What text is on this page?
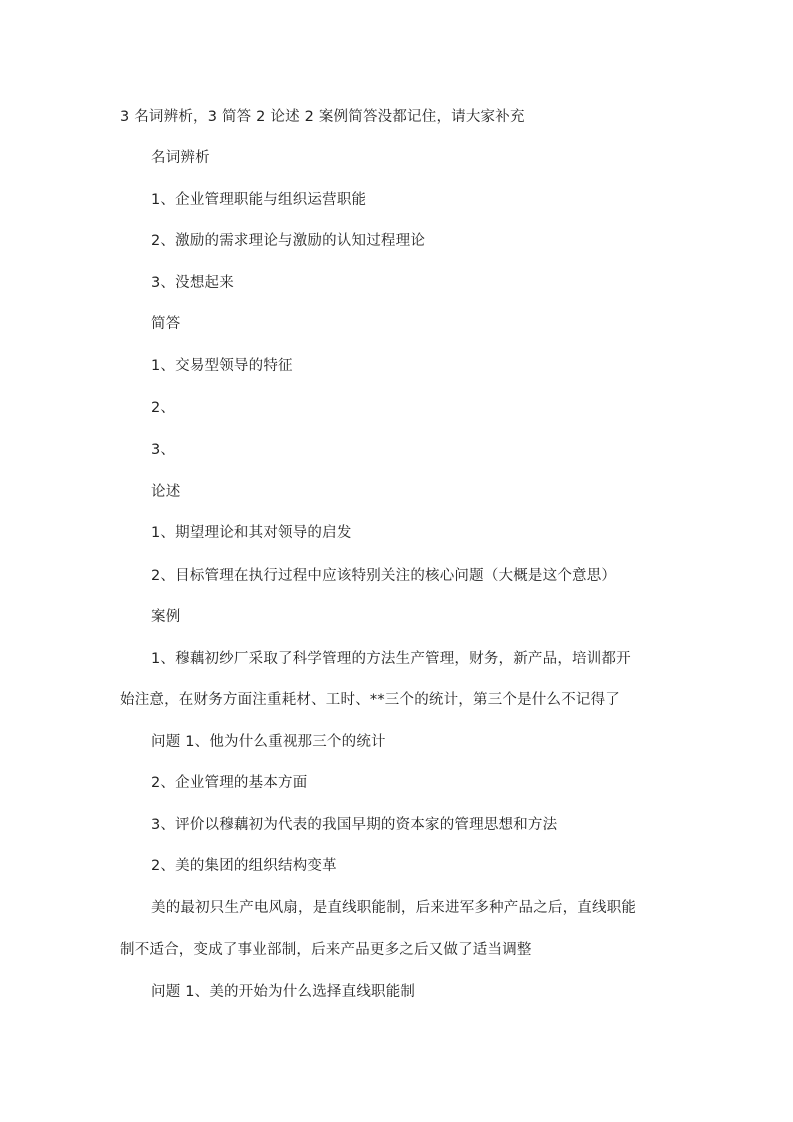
3 名词辨析，3 简答 2 论述 2 案例简答没都记住，请大家补充
名词辨析
1、企业管理职能与组织运营职能
2、激励的需求理论与激励的认知过程理论
3、没想起来
简答
1、交易型领导的特征
2、
3、
论述
1、期望理论和其对领导的启发
2、目标管理在执行过程中应该特别关注的核心问题（大概是这个意思）
案例
1、穆藕初纱厂采取了科学管理的方法生产管理，财务，新产品，培训都开
始注意，在财务方面注重耗材、工时、**三个的统计，第三个是什么不记得了
问题 1、他为什么重视那三个的统计
2、企业管理的基本方面
3、评价以穆藕初为代表的我国早期的资本家的管理思想和方法
2、美的集团的组织结构变革
美的最初只生产电风扇，是直线职能制，后来进军多种产品之后，直线职能
制不适合，变成了事业部制，后来产品更多之后又做了适当调整
问题 1、美的开始为什么选择直线职能制
